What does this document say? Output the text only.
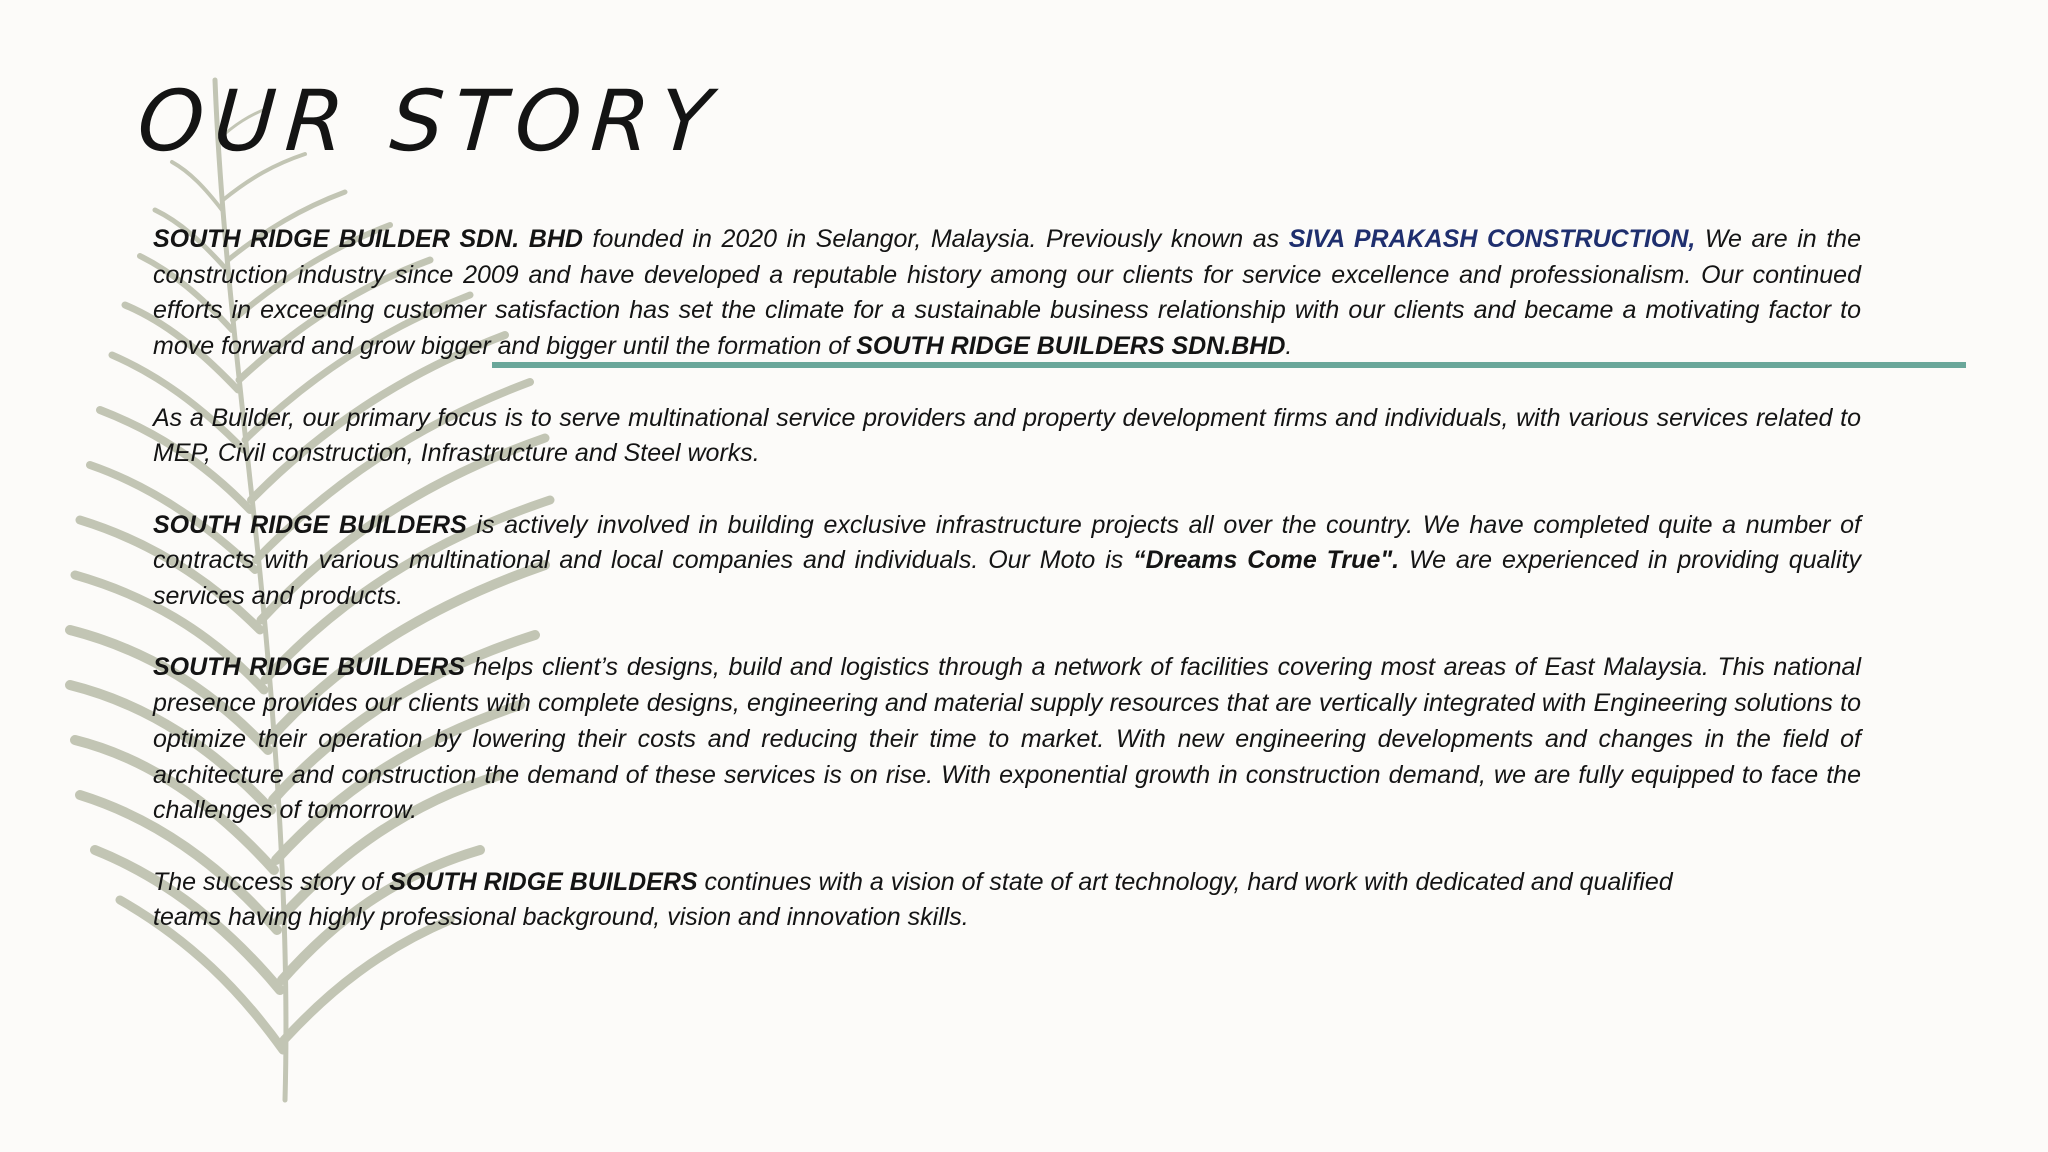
OUR STORY

SOUTH RIDGE BUILDER SDN. BHD founded in 2020 in Selangor, Malaysia. Previously known as SIVA PRAKASH CONSTRUCTION, We are in the construction industry since 2009 and have developed a reputable history among our clients for service excellence and professionalism. Our continued efforts in exceeding customer satisfaction has set the climate for a sustainable business relationship with our clients and became a motivating factor to move forward and grow bigger and bigger until the formation of SOUTH RIDGE BUILDERS SDN.BHD.

As a Builder, our primary focus is to serve multinational service providers and property development firms and individuals, with various services related to MEP, Civil construction, Infrastructure and Steel works.

SOUTH RIDGE BUILDERS is actively involved in building exclusive infrastructure projects all over the country. We have completed quite a number of contracts with various multinational and local companies and individuals. Our Moto is “Dreams Come True". We are experienced in providing quality services and products.

SOUTH RIDGE BUILDERS helps client’s designs, build and logistics through a network of facilities covering most areas of East Malaysia. This national presence provides our clients with complete designs, engineering and material supply resources that are vertically integrated with Engineering solutions to optimize their operation by lowering their costs and reducing their time to market. With new engineering developments and changes in the field of architecture and construction the demand of these services is on rise. With exponential growth in construction demand, we are fully equipped to face the challenges of tomorrow.

The success story of SOUTH RIDGE BUILDERS continues with a vision of state of art technology, hard work with dedicated and qualified teams having highly professional background, vision and innovation skills.
